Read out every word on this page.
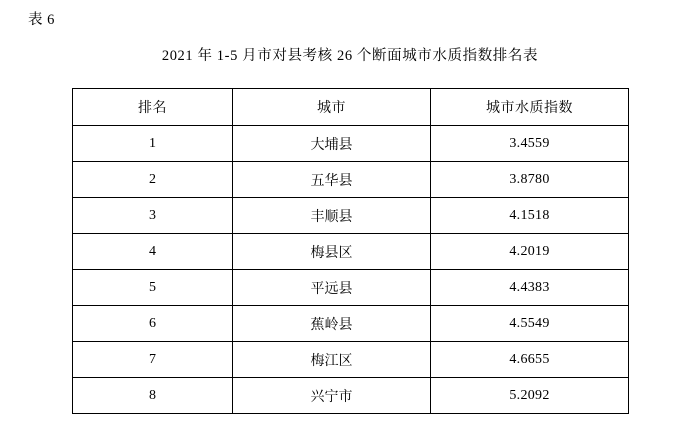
表 6
2021 年 1-5 月市对县考核 26 个断面城市水质指数排名表
排名	城市	城市水质指数
1	大埔县	3.4559
2	五华县	3.8780
3	丰顺县	4.1518
4	梅县区	4.2019
5	平远县	4.4383
6	蕉岭县	4.5549
7	梅江区	4.6655
8	兴宁市	5.2092
